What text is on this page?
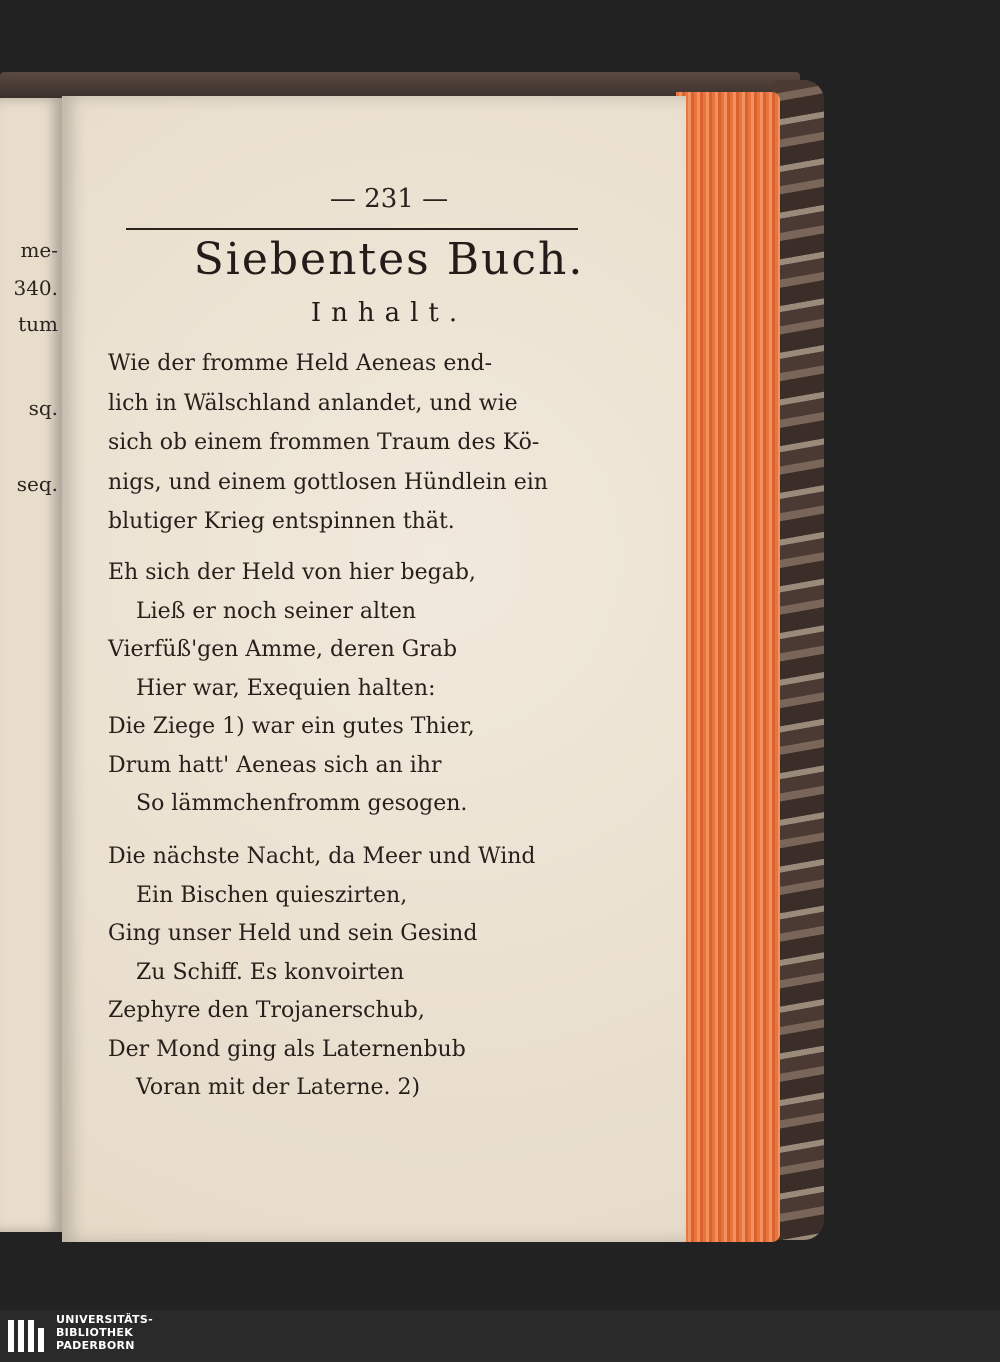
me-
340.
tum
sq.
seq.
— 231 —
Siebentes Buch.
Inhalt.
Wie der fromme Held Aeneas end-
lich in Wälschland anlandet, und wie
sich ob einem frommen Traum des Kö-
nigs, und einem gottlosen Hündlein ein
blutiger Krieg entspinnen thät.
Eh sich der Held von hier begab,
Ließ er noch seiner alten
Vierfüß'gen Amme, deren Grab
Hier war, Exequien halten:
Die Ziege 1) war ein gutes Thier,
Drum hatt' Aeneas sich an ihr
So lämmchenfromm gesogen.
Die nächste Nacht, da Meer und Wind
Ein Bischen quieszirten,
Ging unser Held und sein Gesind
Zu Schiff. Es konvoirten
Zephyre den Trojanerschub,
Der Mond ging als Laternenbub
Voran mit der Laterne. 2)
UNIVERSITÄTS-
BIBLIOTHEK
PADERBORN
